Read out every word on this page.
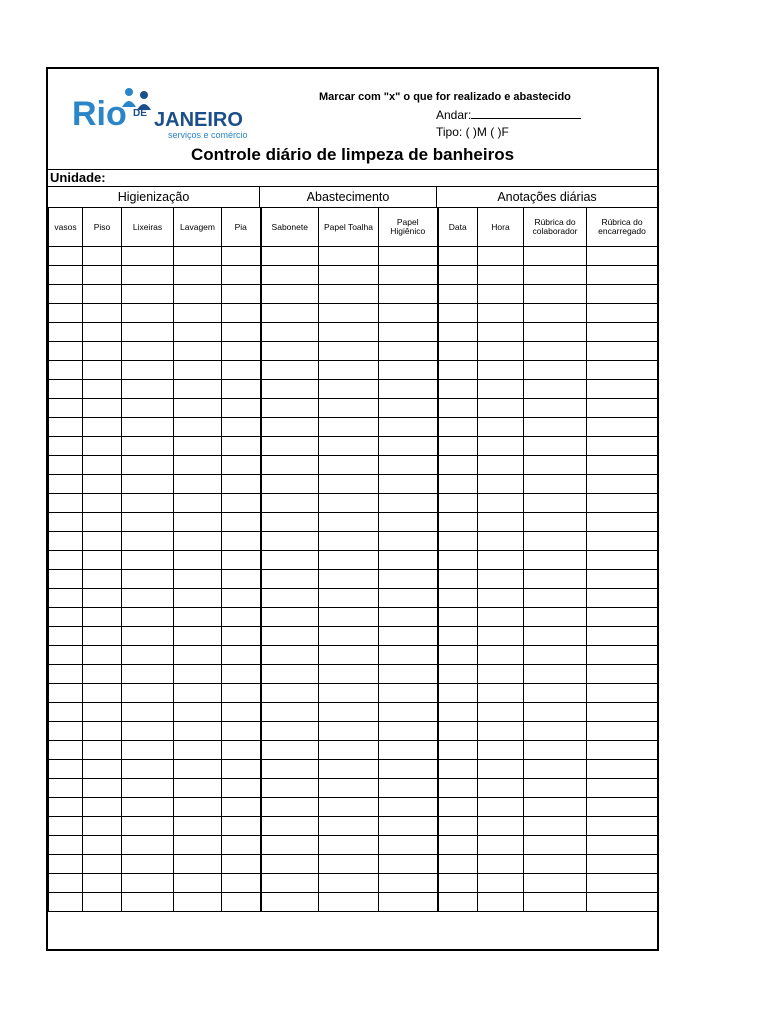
Rio DE JANEIRO
serviços e comércio
Marcar com "x" o que for realizado e abastecido
Andar:
Tipo: ( )M ( )F
Controle diário de limpeza de banheiros
Unidade:
Higienização	Abastecimento	Anotações diárias
vasos	Piso	Lixeiras	Lavagem	Pia	Sabonete	Papel Toalha	Papel Higiênico	Data	Hora	Rúbrica do colaborador	Rúbrica do encarregado
